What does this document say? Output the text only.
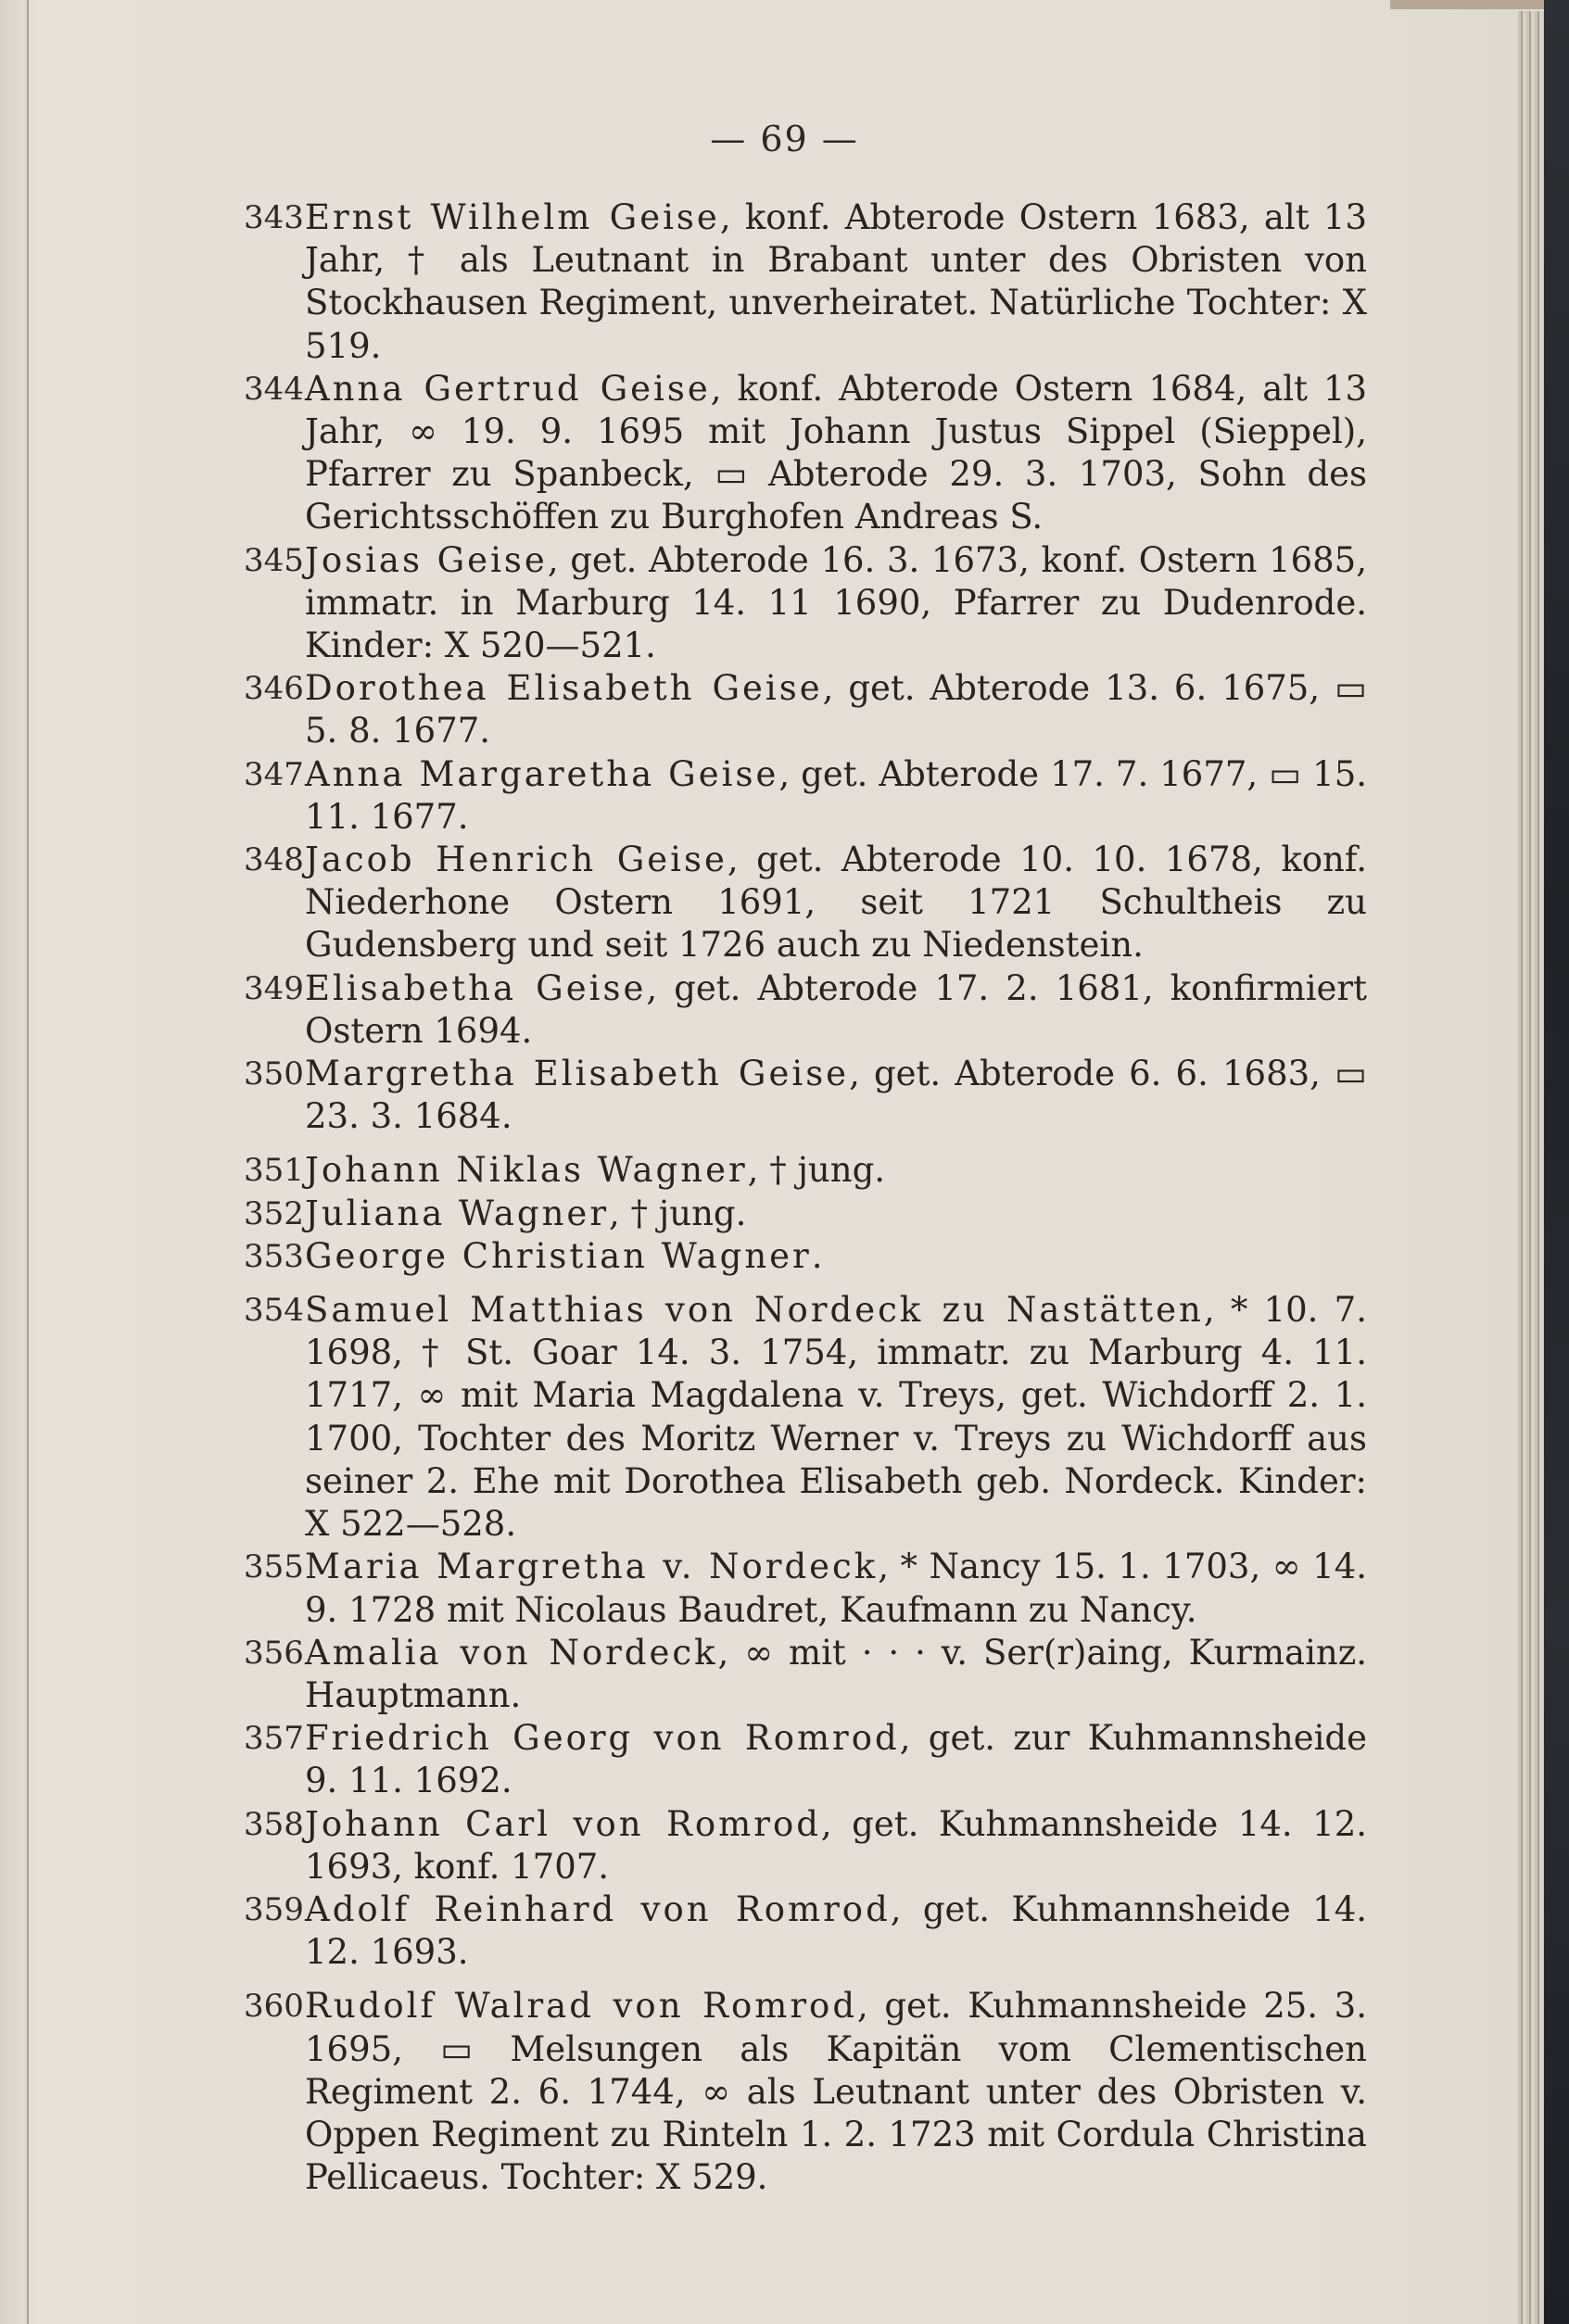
— 69 —
343 Ernst Wilhelm Geise, konf. Abterode Ostern 1683, alt 13 Jahr, † als Leutnant in Brabant unter des Obristen von Stockhausen Regiment, unverheiratet. Natürliche Tochter: X 519.
344 Anna Gertrud Geise, konf. Abterode Ostern 1684, alt 13 Jahr, ∞ 19. 9. 1695 mit Johann Justus Sippel (Sieppel), Pfarrer zu Spanbeck, ▭ Abterode 29. 3. 1703, Sohn des Gerichtsschöffen zu Burghofen Andreas S.
345 Josias Geise, get. Abterode 16. 3. 1673, konf. Ostern 1685, immatr. in Marburg 14. 11 1690, Pfarrer zu Dudenrode. Kinder: X 520—521.
346 Dorothea Elisabeth Geise, get. Abterode 13. 6. 1675, ▭ 5. 8. 1677.
347 Anna Margaretha Geise, get. Abterode 17. 7. 1677, ▭ 15. 11. 1677.
348 Jacob Henrich Geise, get. Abterode 10. 10. 1678, konf. Niederhone Ostern 1691, seit 1721 Schultheis zu Gudensberg und seit 1726 auch zu Niedenstein.
349 Elisabetha Geise, get. Abterode 17. 2. 1681, konfirmiert Ostern 1694.
350 Margretha Elisabeth Geise, get. Abterode 6. 6. 1683, ▭ 23. 3. 1684.
351 Johann Niklas Wagner, † jung.
352 Juliana Wagner, † jung.
353 George Christian Wagner.
354 Samuel Matthias von Nordeck zu Nastätten, * 10. 7. 1698, † St. Goar 14. 3. 1754, immatr. zu Marburg 4. 11. 1717, ∞ mit Maria Magdalena v. Treys, get. Wichdorff 2. 1. 1700, Tochter des Moritz Werner v. Treys zu Wichdorff aus seiner 2. Ehe mit Dorothea Elisabeth geb. Nordeck. Kinder: X 522—528.
355 Maria Margretha v. Nordeck, * Nancy 15. 1. 1703, ∞ 14. 9. 1728 mit Nicolaus Baudret, Kaufmann zu Nancy.
356 Amalia von Nordeck, ∞ mit · · · v. Ser(r)aing, Kurmainz. Hauptmann.
357 Friedrich Georg von Romrod, get. zur Kuhmannsheide 9. 11. 1692.
358 Johann Carl von Romrod, get. Kuhmannsheide 14. 12. 1693, konf. 1707.
359 Adolf Reinhard von Romrod, get. Kuhmannsheide 14. 12. 1693.
360 Rudolf Walrad von Romrod, get. Kuhmannsheide 25. 3. 1695, ▭ Melsungen als Kapitän vom Clementischen Regiment 2. 6. 1744, ∞ als Leutnant unter des Obristen v. Oppen Regiment zu Rinteln 1. 2. 1723 mit Cordula Christina Pellicaeus. Tochter: X 529.
